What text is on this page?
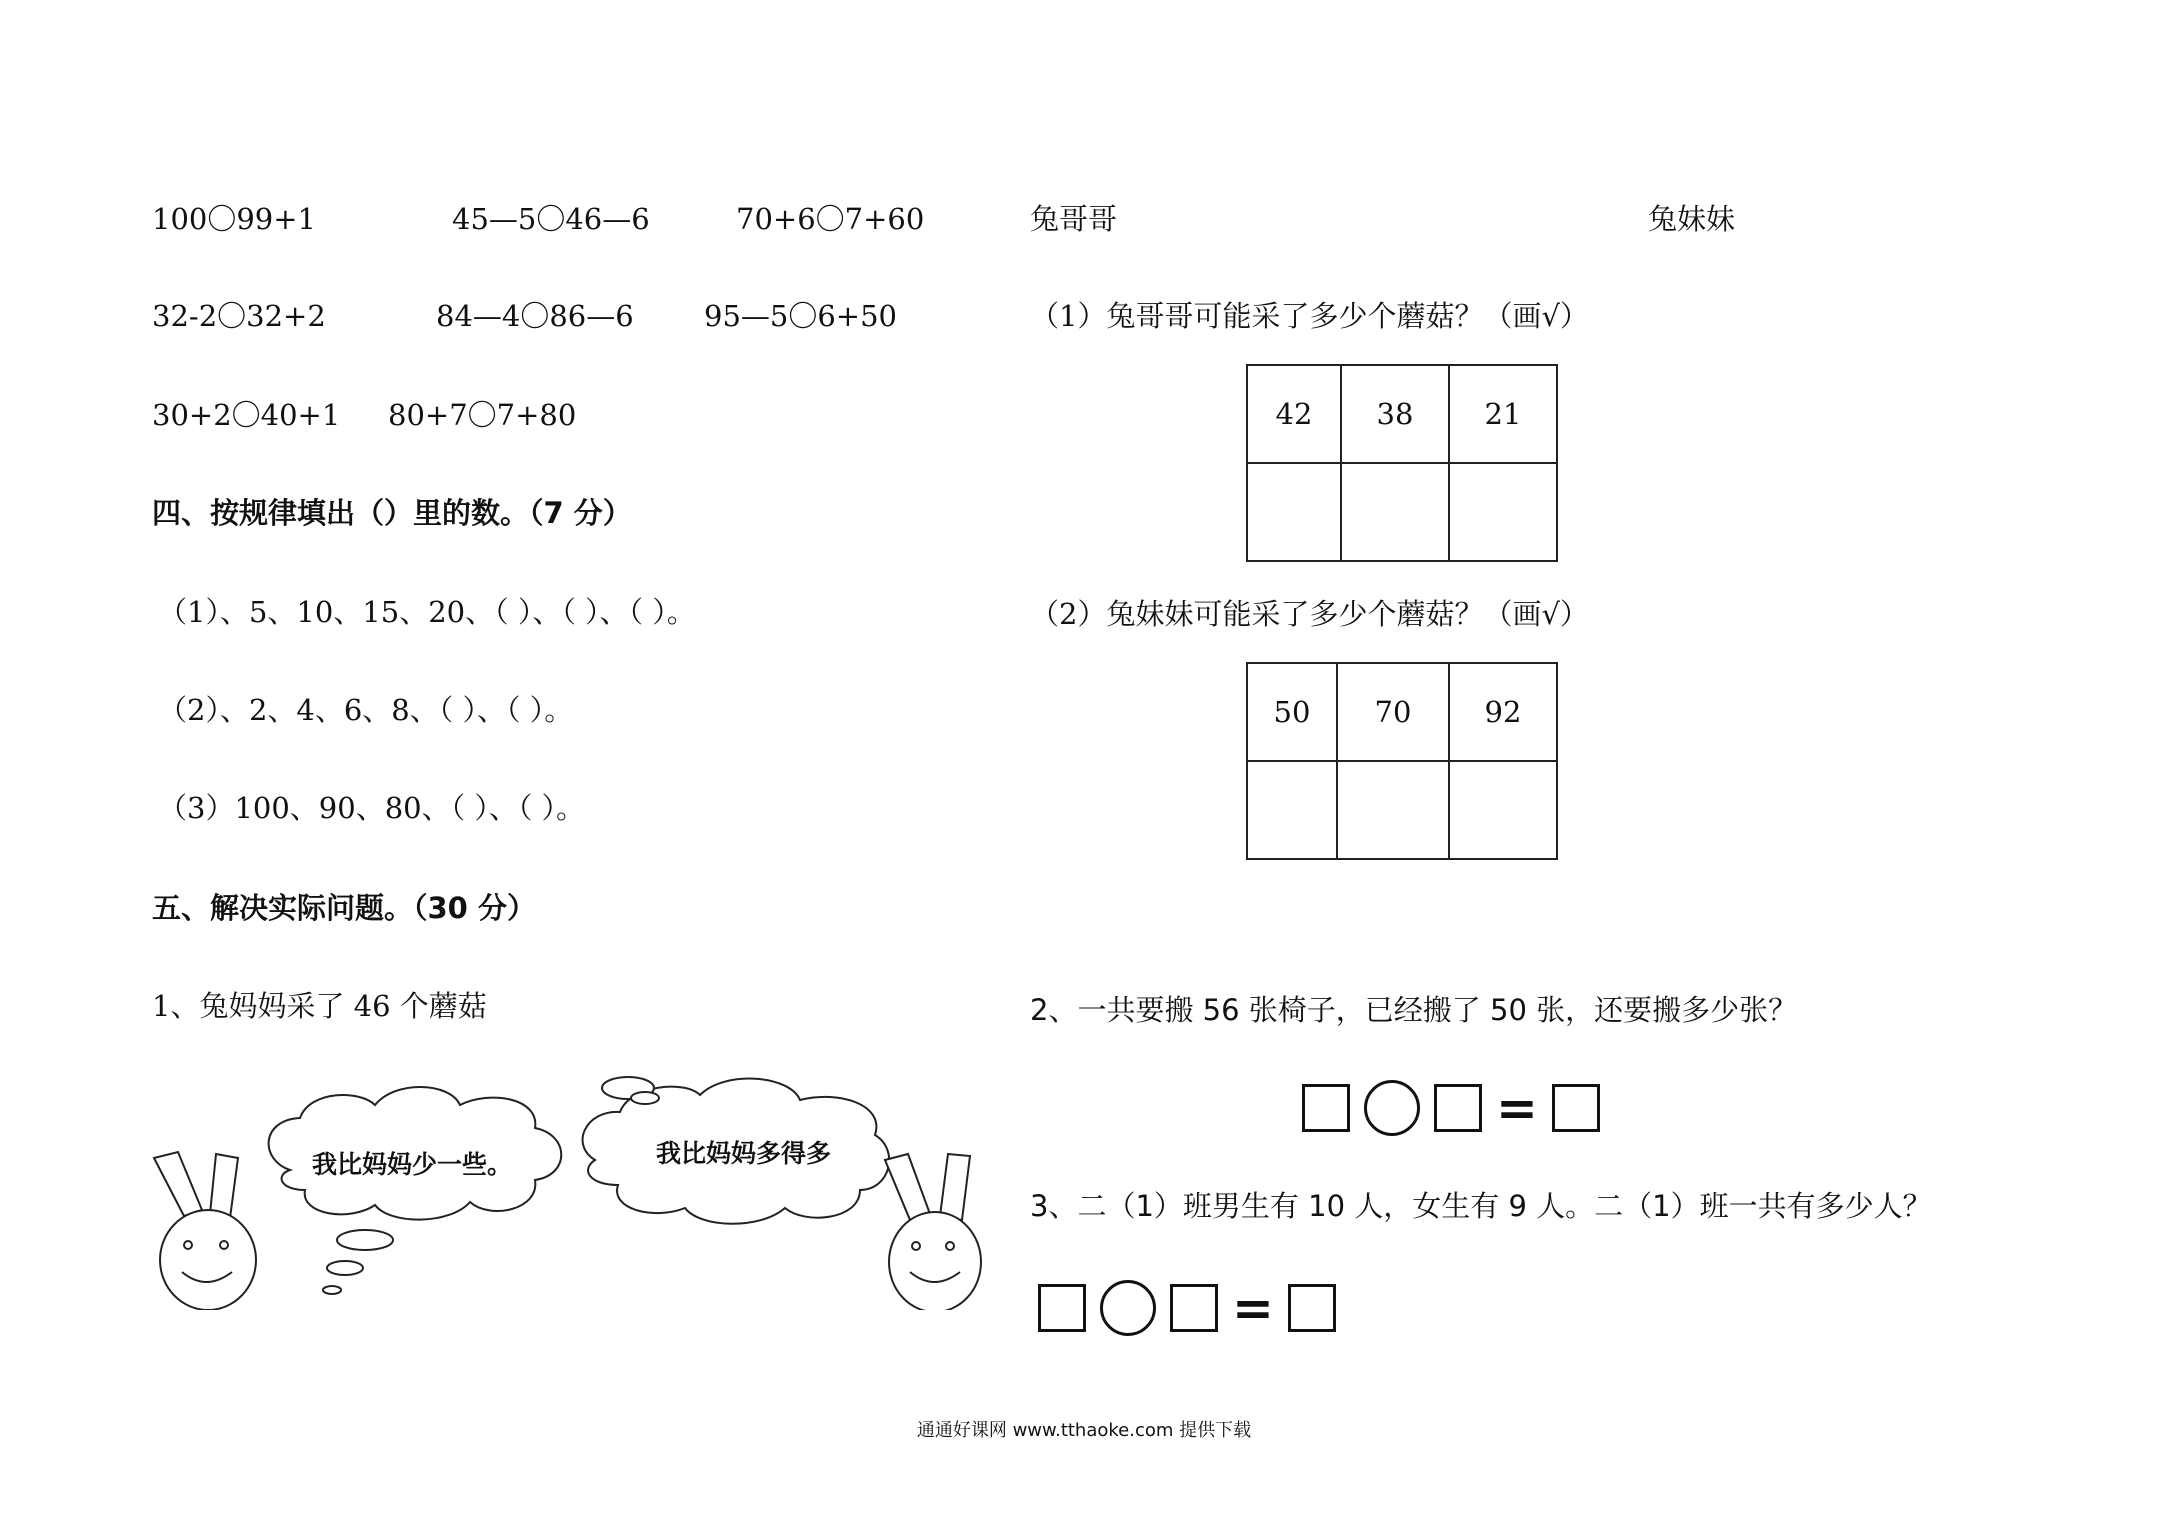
100〇99+1	45—5〇46—6	70+6〇7+60
32-2〇32+2	84—4〇86—6 95—5〇6+50
30+2〇40+1 80+7〇7+80
四、按规律填出（）里的数。（7 分）
（1）、5、10、15、20、（ ）、（ ）、（ ）。
（2）、2、4、6、8、（ ）、（ ）。
（3）100、90、80、（ ）、（ ）。
五、解决实际问题。（30 分）
1、兔妈妈采了 46 个蘑菇
我比妈妈少一些。	我比妈妈多得多
兔哥哥	兔妹妹
（1）兔哥哥可能采了多少个蘑菇？（画√）
42	38	21

（2）兔妹妹可能采了多少个蘑菇？（画√）
50	70	92

2、一共要搬 56 张椅子，已经搬了 50 张，还要搬多少张？
=
3、二（1）班男生有 10 人，女生有 9 人。二（1）班一共有多少人？
=
通通好课网 www.tthaoke.com 提供下载
